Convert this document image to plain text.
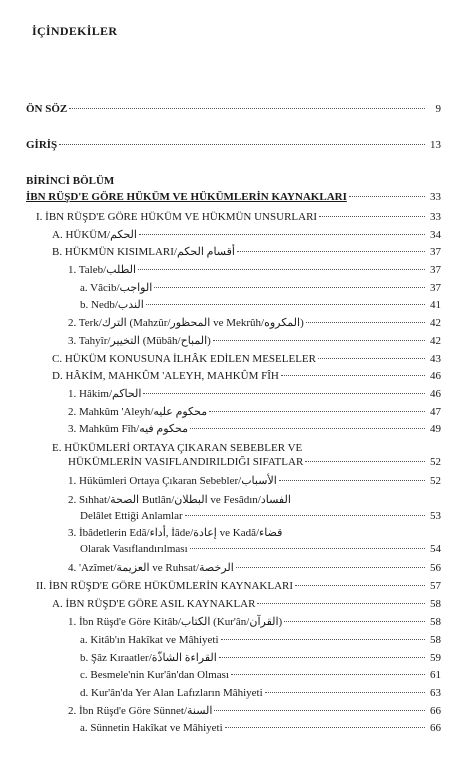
İÇİNDEKİLER
ÖN SÖZ	9
GİRİŞ	13
BİRİNCİ BÖLÜM
İBN RÜŞD'E GÖRE HÜKÜM VE HÜKÜMLERİN KAYNAKLARI	33
I. İBN RÜŞD'E GÖRE HÜKÜM VE HÜKMÜN UNSURLARI	33
A. HÜKÜM/الحكم	34
B. HÜKMÜN KISIMLARI/أقسام الحكم	37
1. Taleb/الطلب	37
a. Vâcib/الواجب	37
b. Nedb/الندب	41
2. Terk/الترك (Mahzûr/المحظور ve Mekrûh/المكروه)	42
3. Tahyîr/التخيير (Mübâh/المباح)	42
C. HÜKÜM KONUSUNA İLHÂK EDİLEN MESELELER	43
D. HÂKİM, MAHKÛM 'ALEYH, MAHKÛM FÎH	46
1. Hâkim/الحاكم	46
2. Mahkûm 'Aleyh/محكوم عليه	47
3. Mahkûm Fîh/محكوم فيه	49
E. HÜKÜMLERİ ORTAYA ÇIKARAN SEBEBLER VE
HÜKÜMLERİN VASIFLANDIRILDIĞI SIFATLAR	52
1. Hükümleri Ortaya Çıkaran Sebebler/الأسباب	52
2. Sıhhat/الصحة Butlân/البطلان ve Fesâdın/الفساد
Delâlet Ettiği Anlamlar	53
3. İbâdetlerin Edâ/أداء, İâde/إعادة ve Kadâ/قضاء
Olarak Vasıflandırılması	54
4. 'Azîmet/العزيمة ve Ruhsat/الرخصة	56
II. İBN RÜŞD'E GÖRE HÜKÜMLERİN KAYNAKLARI	57
A. İBN RÜŞD'E GÖRE ASIL KAYNAKLAR	58
1. İbn Rüşd'e Göre Kitâb/الكتاب (Kur'ân/القرآن)	58
a. Kitâb'ın Hakîkat ve Mâhiyeti	58
b. Şâz Kıraatler/القراءة الشاذّة	59
c. Besmele'nin Kur'ân'dan Olması	61
d. Kur'ân'da Yer Alan Lafızların Mâhiyeti	63
2. İbn Rüşd'e Göre Sünnet/السنة	66
a. Sünnetin Hakîkat ve Mâhiyeti	66
